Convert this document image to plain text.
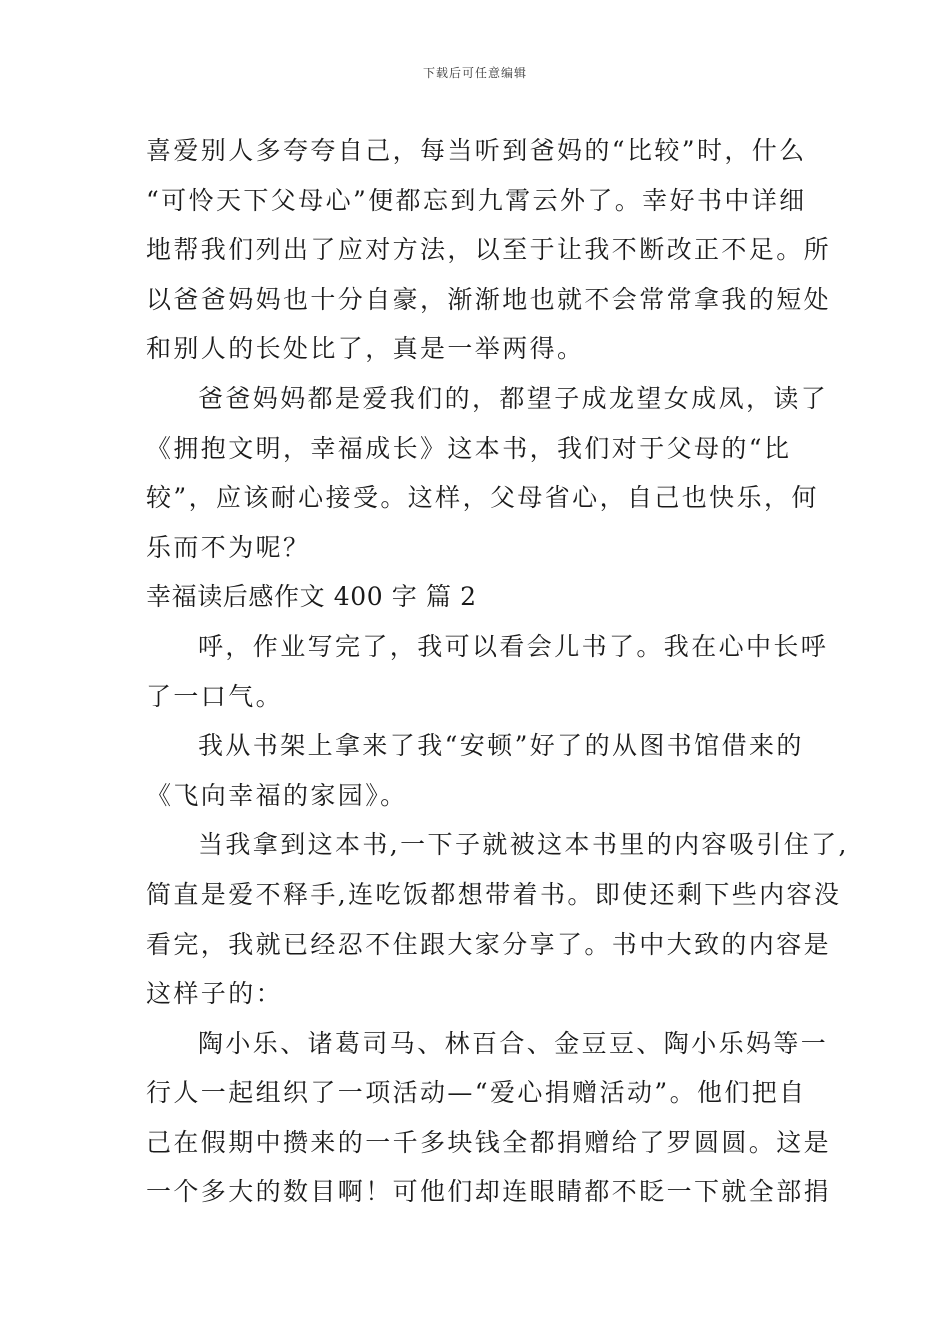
下载后可任意编辑
喜爱别人多夸夸自己，每当听到爸妈的“比较”时，什么
“可怜天下父母心”便都忘到九霄云外了。幸好书中详细
地帮我们列出了应对方法，以至于让我不断改正不足。所
以爸爸妈妈也十分自豪，渐渐地也就不会常常拿我的短处
和别人的长处比了，真是一举两得。
爸爸妈妈都是爱我们的，都望子成龙望女成凤，读了
《拥抱文明，幸福成长》这本书，我们对于父母的“比
较”，应该耐心接受。这样，父母省心，自己也快乐，何
乐而不为呢？
幸福读后感作文 400 字 篇 2
呼，作业写完了，我可以看会儿书了。我在心中长呼
了一口气。
我从书架上拿来了我“安顿”好了的从图书馆借来的
《飞向幸福的家园》。
当我拿到这本书,一下子就被这本书里的内容吸引住了,
简直是爱不释手,连吃饭都想带着书。即使还剩下些内容没
看完，我就已经忍不住跟大家分享了。书中大致的内容是
这样子的：
陶小乐、诸葛司马、林百合、金豆豆、陶小乐妈等一
行人一起组织了一项活动—“爱心捐赠活动”。他们把自
己在假期中攒来的一千多块钱全都捐赠给了罗圆圆。这是
一个多大的数目啊！可他们却连眼睛都不眨一下就全部捐
